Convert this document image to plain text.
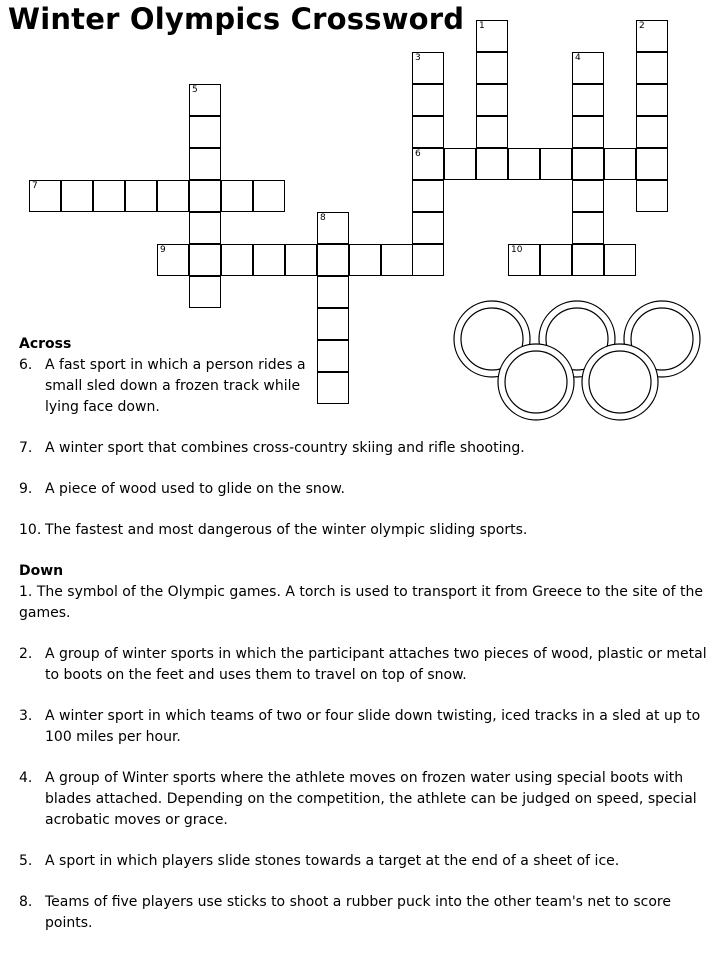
Winter Olympics Crossword 1	2
3	4
6
5
7
8
9	10
Across
6. A fast sport in which a person rides a small sled down a frozen track while lying face down.
7. A winter sport that combines cross-country skiing and rifle shooting.
9. A piece of wood used to glide on the snow.
10. The fastest and most dangerous of the winter olympic sliding sports.
Down
1. The symbol of the Olympic games. A torch is used to transport it from Greece to the site of the games.
2. A group of winter sports in which the participant attaches two pieces of wood, plastic or metal to boots on the feet and uses them to travel on top of snow.
3. A winter sport in which teams of two or four slide down twisting, iced tracks in a sled at up to 100 miles per hour.
4. A group of Winter sports where the athlete moves on frozen water using special boots with blades attached. Depending on the competition, the athlete can be judged on speed, special acrobatic moves or grace.
5. A sport in which players slide stones towards a target at the end of a sheet of ice.
8. Teams of five players use sticks to shoot a rubber puck into the other team's net to score points.
